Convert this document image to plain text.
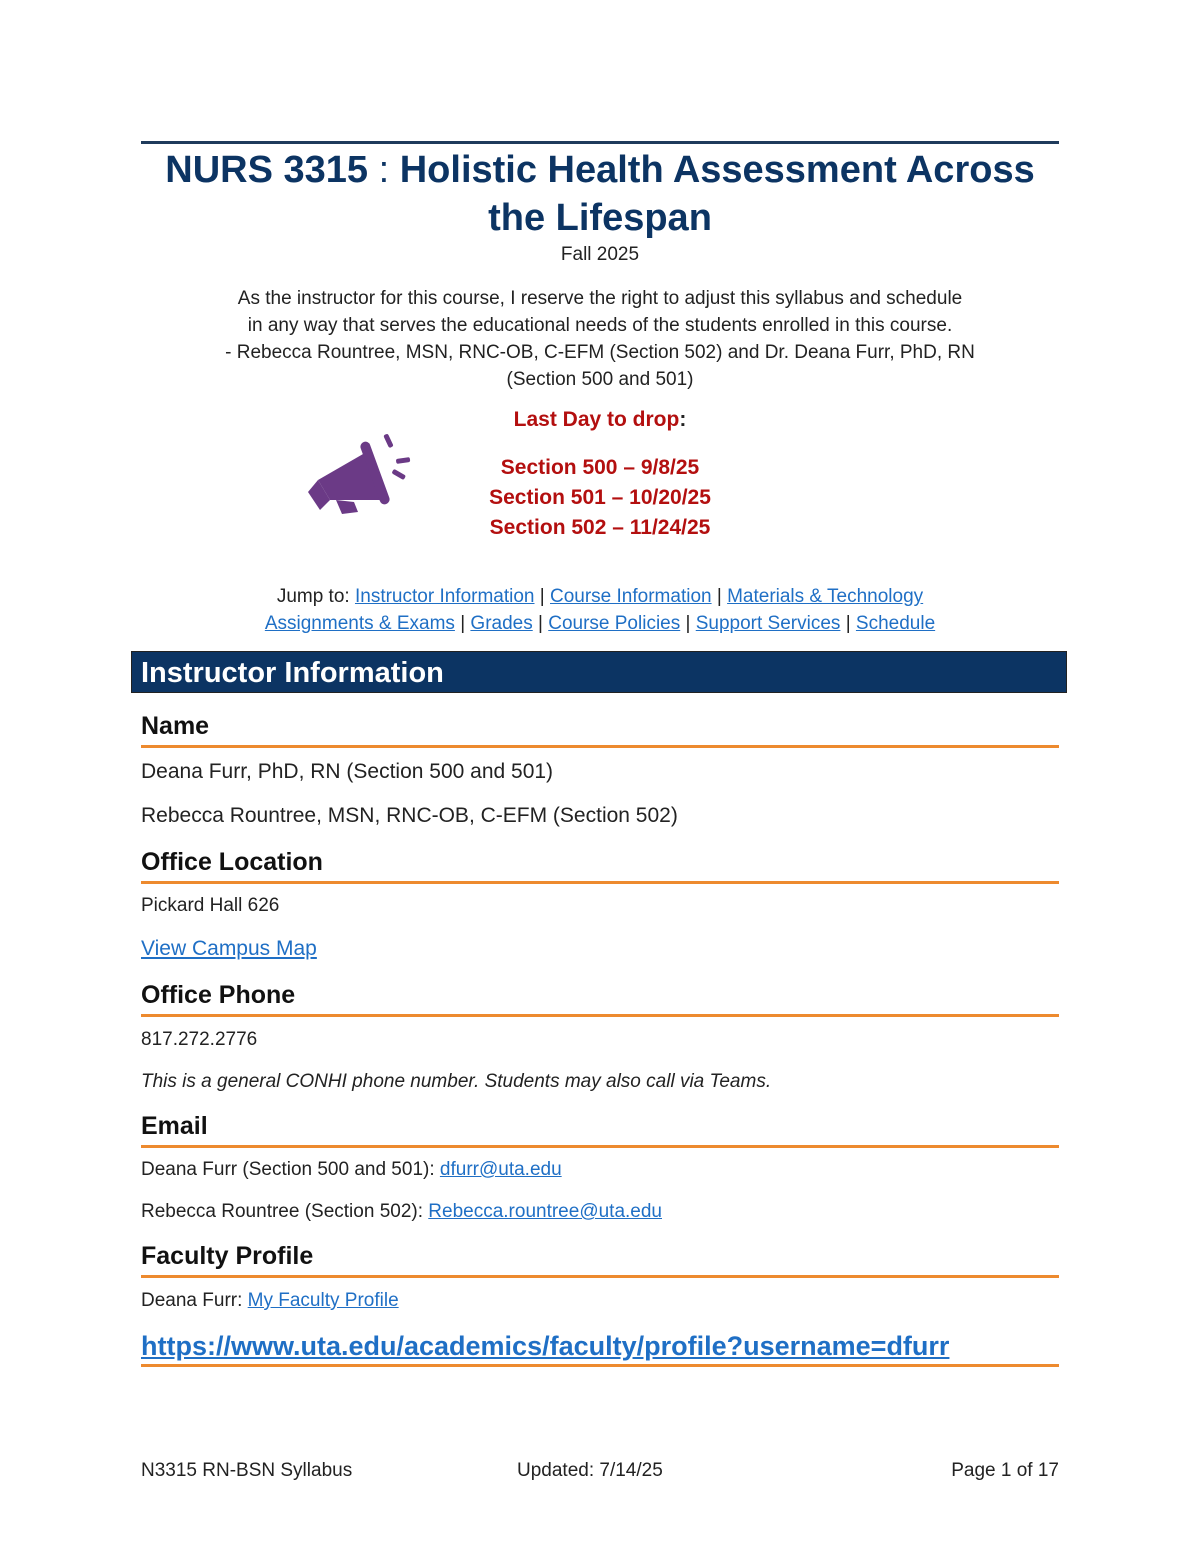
NURS 3315 : Holistic Health Assessment Across
the Lifespan
Fall 2025
As the instructor for this course, I reserve the right to adjust this syllabus and schedule
in any way that serves the educational needs of the students enrolled in this course.
- Rebecca Rountree, MSN, RNC-OB, C-EFM (Section 502) and Dr. Deana Furr, PhD, RN
(Section 500 and 501)
Last Day to drop:
Section 500 – 9/8/25
Section 501 – 10/20/25
Section 502 – 11/24/25
Jump to: Instructor Information | Course Information | Materials & Technology
Assignments & Exams | Grades | Course Policies | Support Services | Schedule
Instructor Information
Name
Deana Furr, PhD, RN (Section 500 and 501)
Rebecca Rountree, MSN, RNC-OB, C-EFM (Section 502)
Office Location
Pickard Hall 626
View Campus Map
Office Phone
817.272.2776
This is a general CONHI phone number. Students may also call via Teams.
Email
Deana Furr (Section 500 and 501): dfurr@uta.edu
Rebecca Rountree (Section 502): Rebecca.rountree@uta.edu
Faculty Profile
Deana Furr: My Faculty Profile
https://www.uta.edu/academics/faculty/profile?username=dfurr
N3315 RN-BSN Syllabus	Updated: 7/14/25	Page 1 of 17
